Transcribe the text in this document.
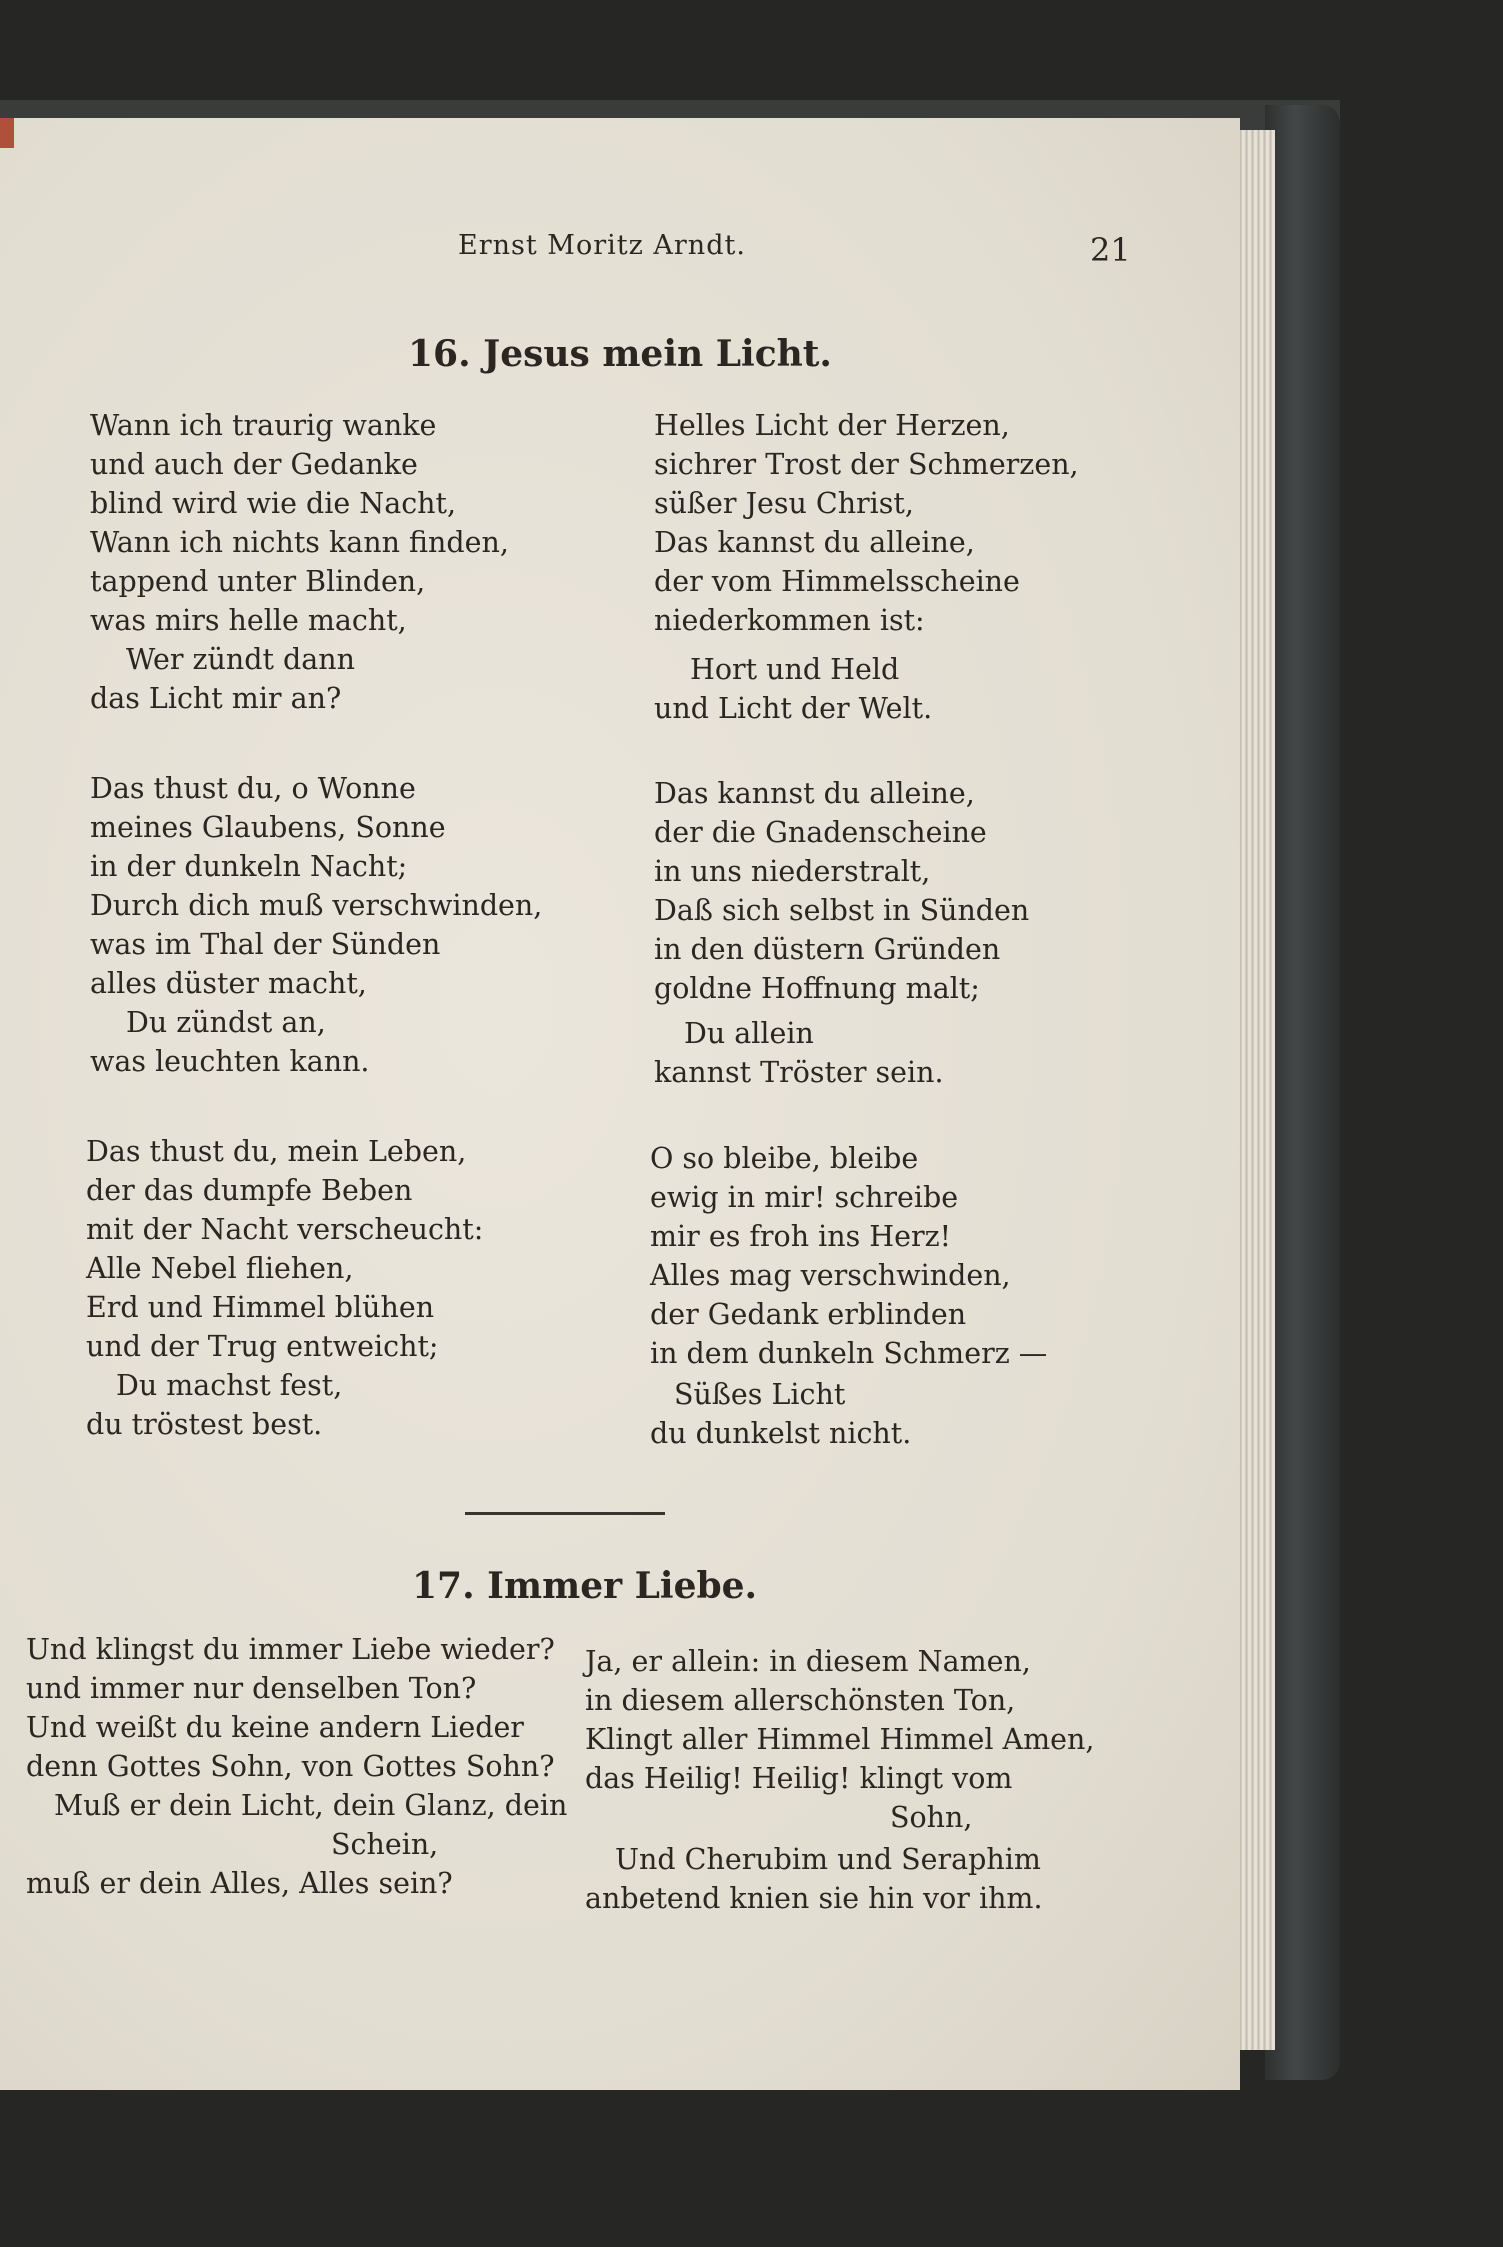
Ernst Moritz Arndt.	21
16. Jesus mein Licht.
Wann ich traurig wanke
und auch der Gedanke
blind wird wie die Nacht,
Wann ich nichts kann finden,
tappend unter Blinden,
was mirs helle macht,
Wer zündt dann
das Licht mir an?
Das thust du, o Wonne
meines Glaubens, Sonne
in der dunkeln Nacht;
Durch dich muß verschwinden,
was im Thal der Sünden
alles düster macht,
Du zündst an,
was leuchten kann.
Das thust du, mein Leben,
der das dumpfe Beben
mit der Nacht verscheucht:
Alle Nebel fliehen,
Erd und Himmel blühen
und der Trug entweicht;
Du machst fest,
du tröstest best.
Helles Licht der Herzen,
sichrer Trost der Schmerzen,
süßer Jesu Christ,
Das kannst du alleine,
der vom Himmelsscheine
niederkommen ist:
Hort und Held
und Licht der Welt.
Das kannst du alleine,
der die Gnadenscheine
in uns niederstralt,
Daß sich selbst in Sünden
in den düstern Gründen
goldne Hoffnung malt;
Du allein
kannst Tröster sein.
O so bleibe, bleibe
ewig in mir! schreibe
mir es froh ins Herz!
Alles mag verschwinden,
der Gedank erblinden
in dem dunkeln Schmerz —
Süßes Licht
du dunkelst nicht.
17. Immer Liebe.
Und klingst du immer Liebe wieder?
und immer nur denselben Ton?
Und weißt du keine andern Lieder
denn Gottes Sohn, von Gottes Sohn?
Muß er dein Licht, dein Glanz, dein
Schein,
muß er dein Alles, Alles sein?
Ja, er allein: in diesem Namen,
in diesem allerschönsten Ton,
Klingt aller Himmel Himmel Amen,
das Heilig! Heilig! klingt vom
Sohn,
Und Cherubim und Seraphim
anbetend knien sie hin vor ihm.
